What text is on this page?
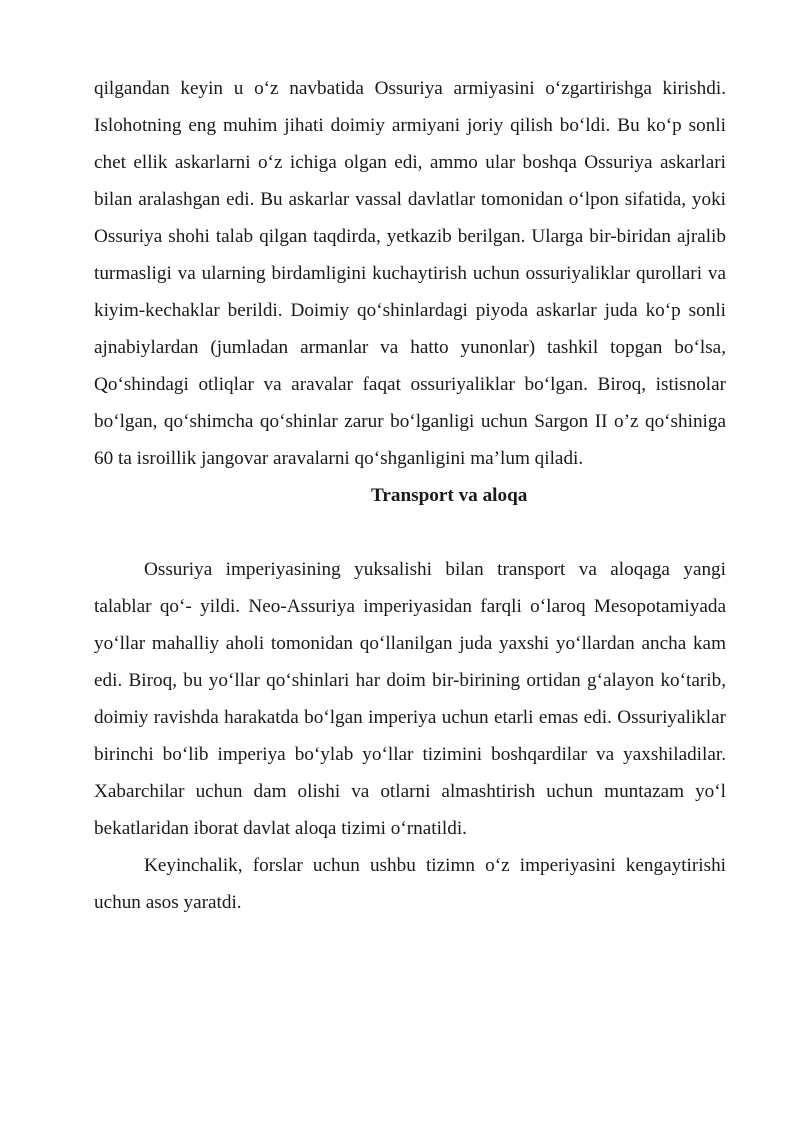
qilgandan keyin u o‘z navbatida Ossuriya armiyasini o‘zgartirishga kirishdi. Islohotning eng muhim jihati doimiy armiyani joriy qilish bo‘ldi. Bu ko‘p sonli chet ellik askarlarni o‘z ichiga olgan edi, ammo ular boshqa Ossuriya askarlari bilan aralashgan edi. Bu askarlar vassal davlatlar tomonidan o‘lpon sifatida, yoki Ossuriya shohi talab qilgan taqdirda, yetkazib berilgan. Ularga bir-biridan ajralib turmasligi va ularning birdamligini kuchaytirish uchun ossuriyaliklar qurollari va kiyim-kechaklar berildi. Doimiy qo‘shinlardagi piyoda askarlar juda ko‘p sonli ajnabiylardan (jumladan armanlar va hatto yunonlar) tashkil topgan bo‘lsa, Qo‘shindagi otliqlar va aravalar faqat ossuriyaliklar bo‘lgan. Biroq, istisnolar bo‘lgan, qo‘shimcha qo‘shinlar zarur bo‘lganligi uchun Sargon II o’z qo‘shiniga 60 ta isroillik jangovar aravalarni qo‘shganligini ma’lum qiladi.

Transport va aloqa

Ossuriya imperiyasining yuksalishi bilan transport va aloqaga yangi talablar qo‘- yildi. Neo-Assuriya imperiyasidan farqli o‘laroq Mesopotamiyada yo‘llar mahalliy aholi tomonidan qo‘llanilgan juda yaxshi yo‘llardan ancha kam edi. Biroq, bu yo‘llar qo‘shinlari har doim bir-birining ortidan g‘alayon ko‘tarib, doimiy ravishda harakatda bo‘lgan imperiya uchun etarli emas edi. Ossuriyaliklar birinchi bo‘lib imperiya bo‘ylab yo‘llar tizimini boshqardilar va yaxshiladilar. Xabarchilar uchun dam olishi va otlarni almashtirish uchun muntazam yo‘l bekatlaridan iborat davlat aloqa tizimi o‘rnatildi.

Keyinchalik, forslar uchun ushbu tizimn o‘z imperiyasini kengaytirishi uchun asos yaratdi.
